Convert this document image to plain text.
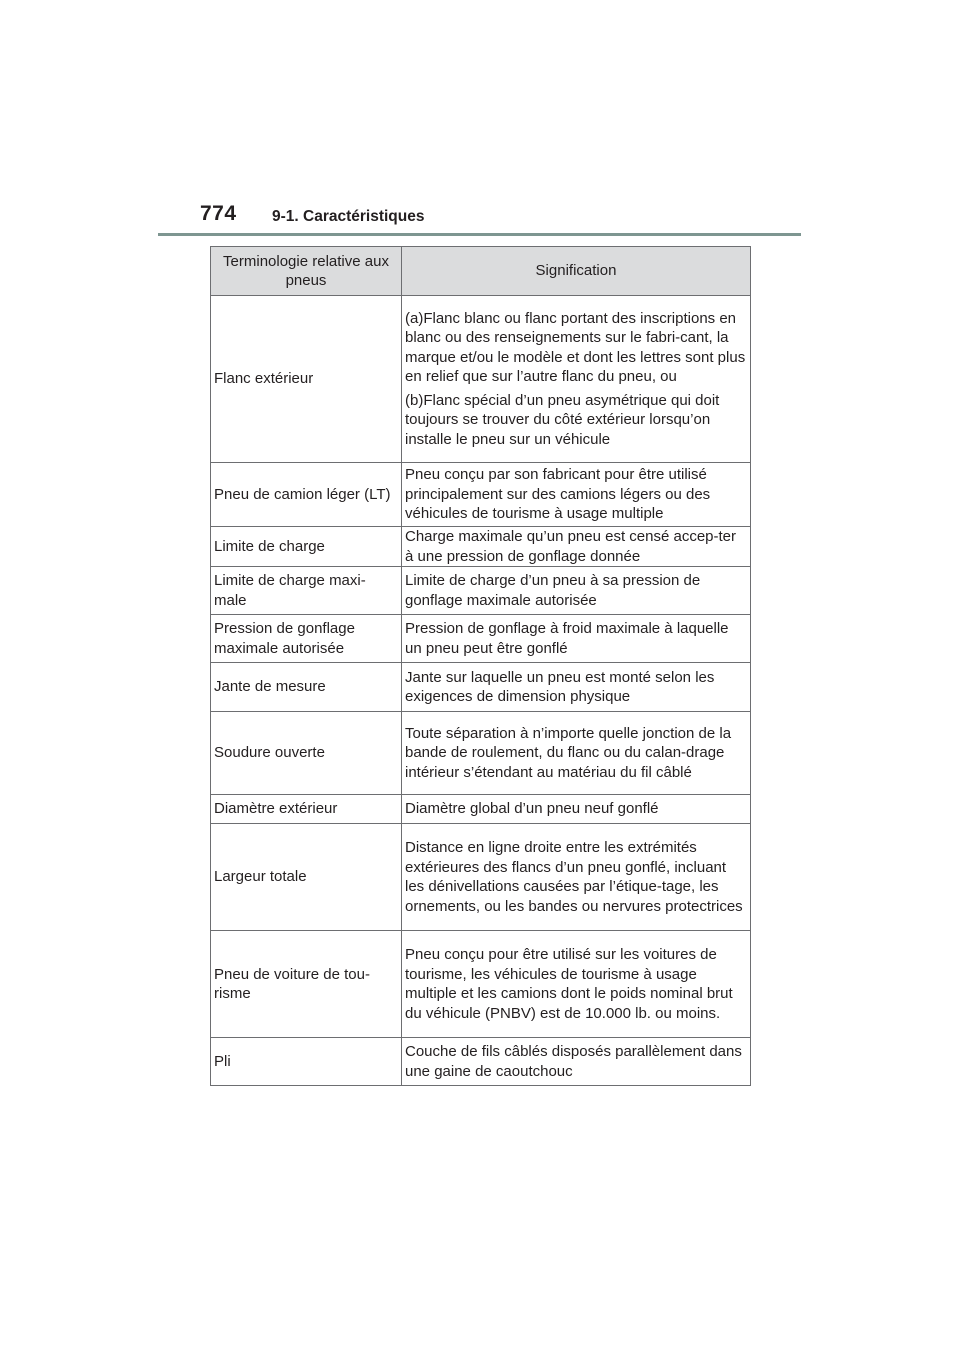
774 9-1. Caractéristiques
Terminologie relative aux pneus	Signification
Flanc extérieur	(a)Flanc blanc ou flanc portant des inscriptions en blanc ou des renseignements sur le fabri-cant, la marque et/ou le modèle et dont les lettres sont plus en relief que sur l’autre flanc du pneu, ou
(b)Flanc spécial d’un pneu asymétrique qui doit toujours se trouver du côté extérieur lorsqu’on installe le pneu sur un véhicule

Pneu de camion léger (LT)	Pneu conçu par son fabricant pour être utilisé principalement sur des camions légers ou des véhicules de tourisme à usage multiple

Limite de charge	Charge maximale qu’un pneu est censé accep-ter à une pression de gonflage donnée

Limite de charge maxi-male	Limite de charge d’un pneu à sa pression de gonflage maximale autorisée

Pression de gonflage maximale autorisée	Pression de gonflage à froid maximale à laquelle un pneu peut être gonflé

Jante de mesure	Jante sur laquelle un pneu est monté selon les exigences de dimension physique

Soudure ouverte	Toute séparation à n’importe quelle jonction de la bande de roulement, du flanc ou du calan-drage intérieur s’étendant au matériau du fil câblé

Diamètre extérieur	Diamètre global d’un pneu neuf gonflé

Largeur totale	Distance en ligne droite entre les extrémités extérieures des flancs d’un pneu gonflé, incluant les dénivellations causées par l’étique-tage, les ornements, ou les bandes ou nervures protectrices

Pneu de voiture de tou-risme	Pneu conçu pour être utilisé sur les voitures de tourisme, les véhicules de tourisme à usage multiple et les camions dont le poids nominal brut du véhicule (PNBV) est de 10.000 lb. ou moins.

Pli	Couche de fils câblés disposés parallèlement dans une gaine de caoutchouc
